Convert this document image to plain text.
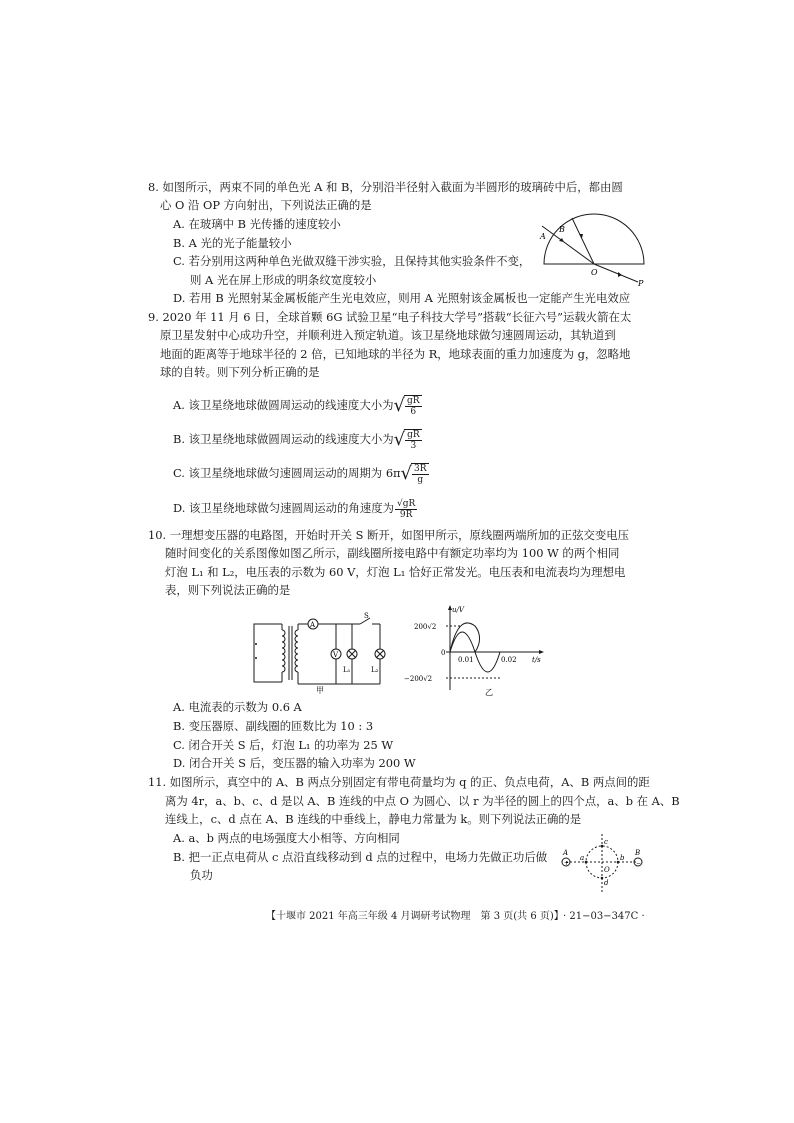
8. 如图所示，两束不同的单色光 A 和 B，分别沿半径射入截面为半圆形的玻璃砖中后，都由圆
心 O 沿 OP 方向射出，下列说法正确的是
A. 在玻璃中 B 光传播的速度较小
B. A 光的光子能量较小
C. 若分别用这两种单色光做双缝干涉实验，且保持其他实验条件不变，
则 A 光在屏上形成的明条纹宽度较小
D. 若用 B 光照射某金属板能产生光电效应，则用 A 光照射该金属板也一定能产生光电效应
A
B
O
P
9. 2020 年 11 月 6 日，全球首颗 6G 试验卫星“电子科技大学号”搭载“长征六号”运载火箭在太
原卫星发射中心成功升空，并顺利进入预定轨道。该卫星绕地球做匀速圆周运动，其轨道到
地面的距离等于地球半径的 2 倍，已知地球的半径为 R，地球表面的重力加速度为 g，忽略地
球的自转。则下列分析正确的是
A. 该卫星绕地球做圆周运动的线速度大小为 √ $\frac{gR}{6}$
B. 该卫星绕地球做圆周运动的线速度大小为 √ $\frac{gR}{3}$
C. 该卫星绕地球做匀速圆周运动的周期为 6π √ $\frac{3R}{g}$
D. 该卫星绕地球做匀速圆周运动的角速度为 $\frac{√gR}{9R}$
10. 一理想变压器的电路图，开始时开关 S 断开，如图甲所示，原线圈两端所加的正弦交变电压
随时间变化的关系图像如图乙所示，副线圈所接电路中有额定功率均为 100 W 的两个相同
灯泡 L₁ 和 L₂，电压表的示数为 60 V，灯泡 L₁ 恰好正常发光。电压表和电流表均为理想电
表，则下列说法正确的是
A
V
S
L₁	L₂
甲
u/V
t/s
200√2
−200√2
0
0.01	0.02
乙
A. 电流表的示数为 0.6 A
B. 变压器原、副线圈的匝数比为 10 : 3
C. 闭合开关 S 后，灯泡 L₁ 的功率为 25 W
D. 闭合开关 S 后，变压器的输入功率为 200 W
11. 如图所示，真空中的 A、B 两点分别固定有带电荷量均为 q 的正、负点电荷，A、B 两点间的距
离为 4r，a、b、c、d 是以 A、B 连线的中点 O 为圆心、以 r 为半径的圆上的四个点，a、b 在 A、B
连线上，c、d 点在 A、B 连线的中垂线上，静电力常量为 k。则下列说法正确的是
A. a、b 两点的电场强度大小相等、方向相同
B. 把一正点电荷从 c 点沿直线移动到 d 点的过程中，电场力先做正功后做
负功
+	−
A	B
a	b
c
d
O
【十堰市 2021 年高三年级 4 月调研考试物理　第 3 页(共 6 页)】 · 21−03−347C ·
